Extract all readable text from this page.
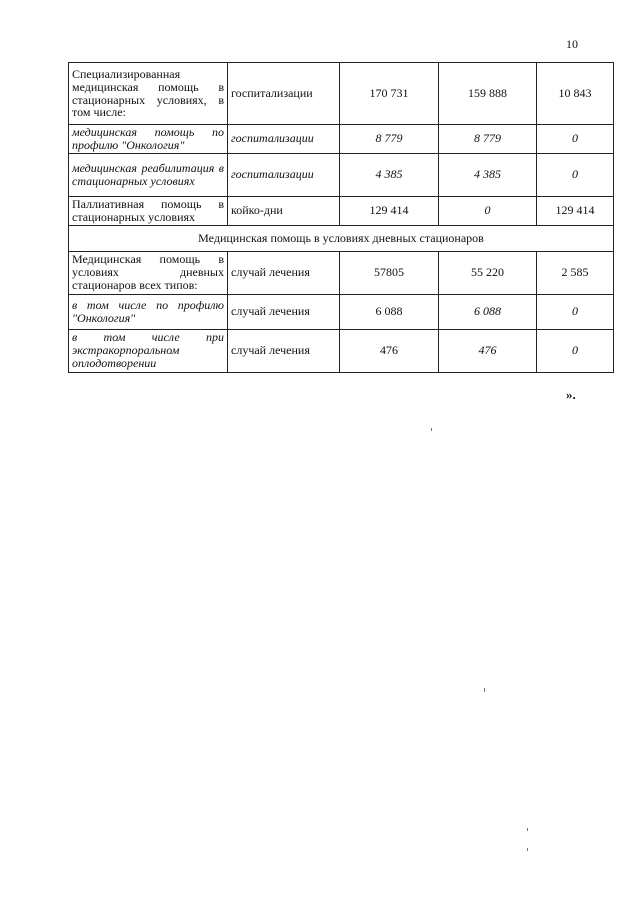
10
Специализированная медицинская помощь в стационарных условиях, в том числе:	госпитализации	170 731	159 888	10 843
медицинская помощь по профилю "Онкология"	госпитализации	8 779	8 779	0
медицинская реабилитация в стационарных условиях	госпитализации	4 385	4 385	0
Паллиативная помощь в стационарных условиях	койко-дни	129 414	0	129 414
Медицинская помощь в условиях дневных стационаров				
Медицинская помощь в условиях дневных стационаров всех типов:	случай лечения	57805	55 220	2 585
в том числе по профилю "Онкология"	случай лечения	6 088	6 088	0
в том числе при экстракорпоральном оплодотворении	случай лечения	476	476	0
».
